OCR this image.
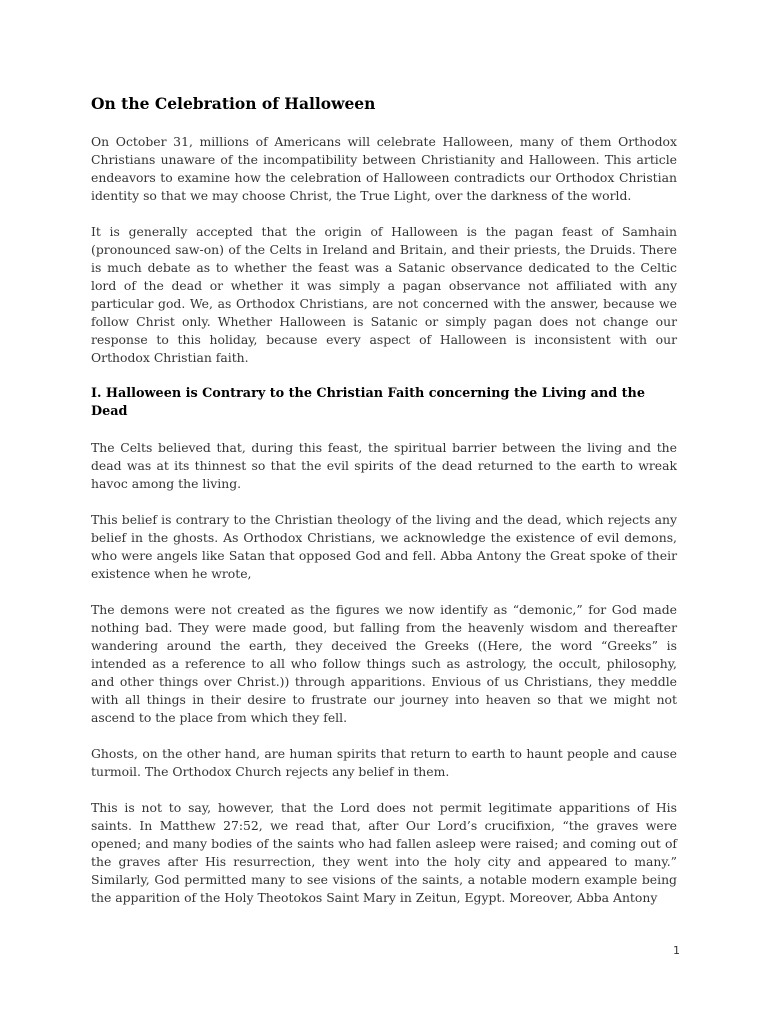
On the Celebration of Halloween

On October 31, millions of Americans will celebrate Halloween, many of them Orthodox Christians unaware of the incompatibility between Christianity and Halloween. This article endeavors to examine how the celebration of Halloween contradicts our Orthodox Christian identity so that we may choose Christ, the True Light, over the darkness of the world.

It is generally accepted that the origin of Halloween is the pagan feast of Samhain (pronounced saw-on) of the Celts in Ireland and Britain, and their priests, the Druids. There is much debate as to whether the feast was a Satanic observance dedicated to the Celtic lord of the dead or whether it was simply a pagan observance not affiliated with any particular god. We, as Orthodox Christians, are not concerned with the answer, because we follow Christ only. Whether Halloween is Satanic or simply pagan does not change our response to this holiday, because every aspect of Halloween is inconsistent with our Orthodox Christian faith.

I. Halloween is Contrary to the Christian Faith concerning the Living and the Dead

The Celts believed that, during this feast, the spiritual barrier between the living and the dead was at its thinnest so that the evil spirits of the dead returned to the earth to wreak havoc among the living.

This belief is contrary to the Christian theology of the living and the dead, which rejects any belief in the ghosts. As Orthodox Christians, we acknowledge the existence of evil demons, who were angels like Satan that opposed God and fell. Abba Antony the Great spoke of their existence when he wrote,

The demons were not created as the figures we now identify as “demonic,” for God made nothing bad. They were made good, but falling from the heavenly wisdom and thereafter wandering around the earth, they deceived the Greeks ((Here, the word “Greeks” is intended as a reference to all who follow things such as astrology, the occult, philosophy, and other things over Christ.)) through apparitions. Envious of us Christians, they meddle with all things in their desire to frustrate our journey into heaven so that we might not ascend to the place from which they fell.

Ghosts, on the other hand, are human spirits that return to earth to haunt people and cause turmoil. The Orthodox Church rejects any belief in them.

This is not to say, however, that the Lord does not permit legitimate apparitions of His saints. In Matthew 27:52, we read that, after Our Lord’s crucifixion, “the graves were opened; and many bodies of the saints who had fallen asleep were raised; and coming out of the graves after His resurrection, they went into the holy city and appeared to many.” Similarly, God permitted many to see visions of the saints, a notable modern example being the apparition of the Holy Theotokos Saint Mary in Zeitun, Egypt. Moreover, Abba Antony

1
